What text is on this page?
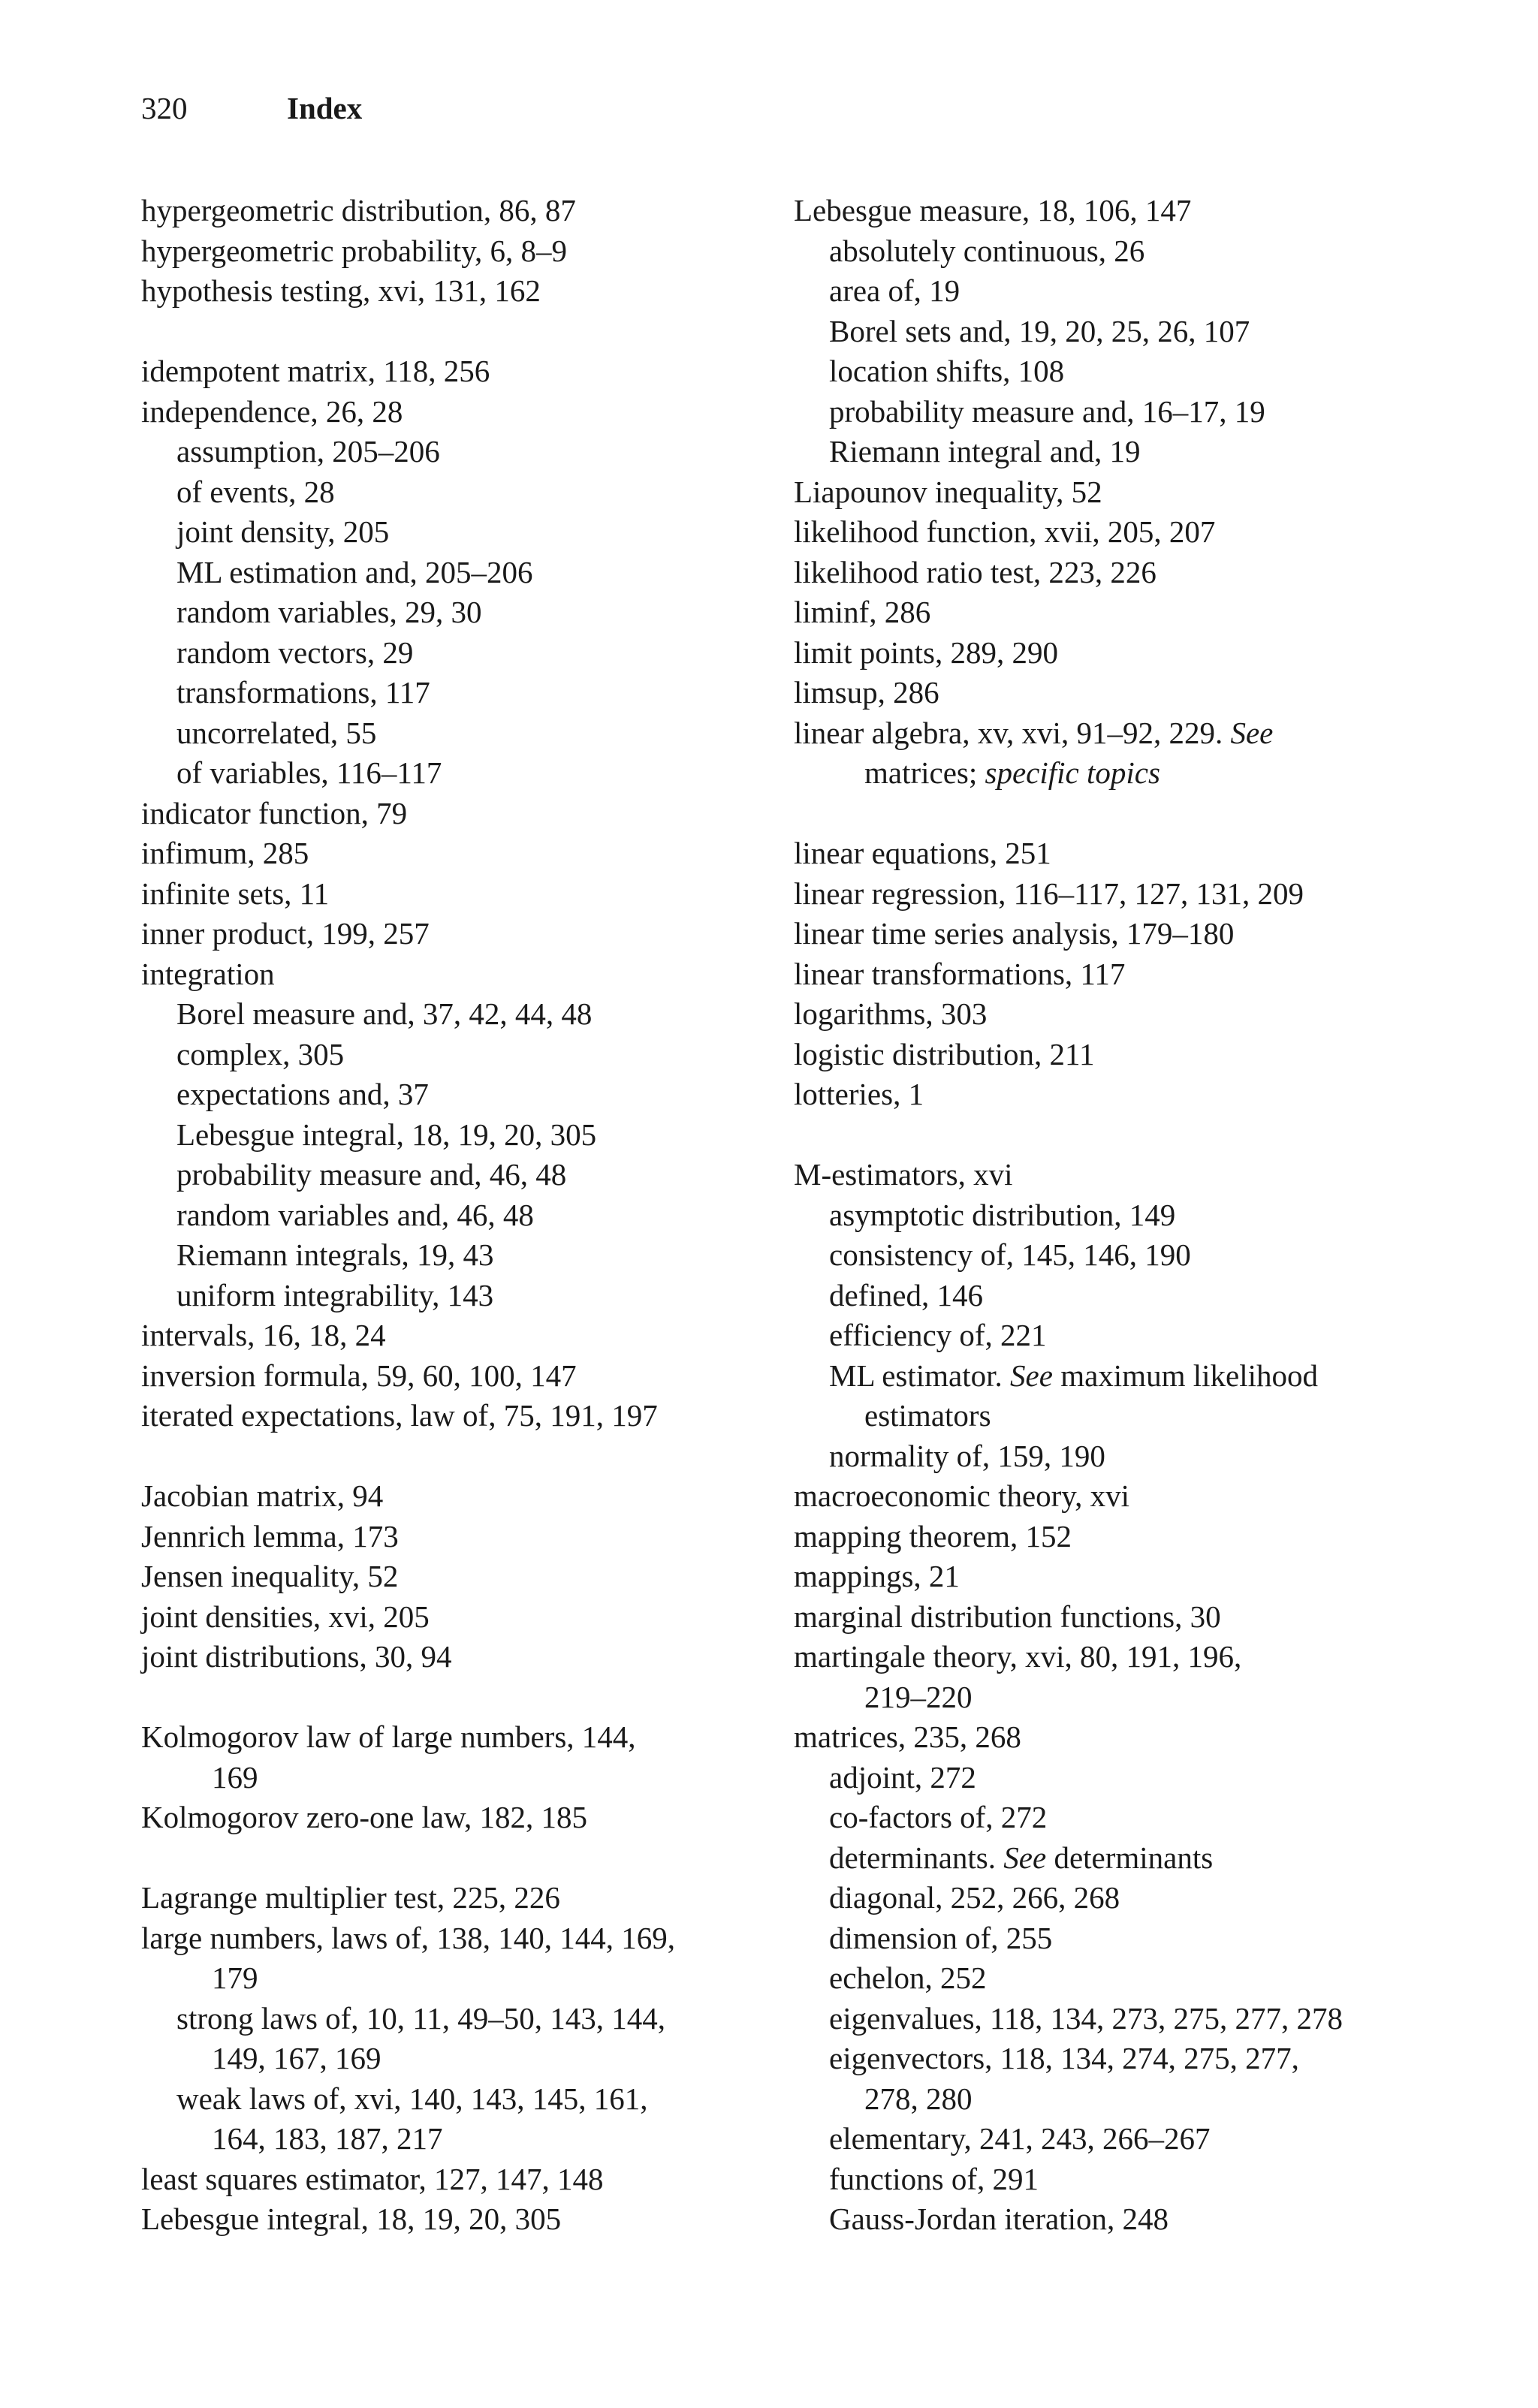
320	Index
hypergeometric distribution, 86, 87
hypergeometric probability, 6, 8–9
hypothesis testing, xvi, 131, 162
idempotent matrix, 118, 256
independence, 26, 28
assumption, 205–206
of events, 28
joint density, 205
ML estimation and, 205–206
random variables, 29, 30
random vectors, 29
transformations, 117
uncorrelated, 55
of variables, 116–117
indicator function, 79
infimum, 285
infinite sets, 11
inner product, 199, 257
integration
Borel measure and, 37, 42, 44, 48
complex, 305
expectations and, 37
Lebesgue integral, 18, 19, 20, 305
probability measure and, 46, 48
random variables and, 46, 48
Riemann integrals, 19, 43
uniform integrability, 143
intervals, 16, 18, 24
inversion formula, 59, 60, 100, 147
iterated expectations, law of, 75, 191, 197
Jacobian matrix, 94
Jennrich lemma, 173
Jensen inequality, 52
joint densities, xvi, 205
joint distributions, 30, 94
Kolmogorov law of large numbers, 144,
169
Kolmogorov zero-one law, 182, 185
Lagrange multiplier test, 225, 226
large numbers, laws of, 138, 140, 144, 169,
179
strong laws of, 10, 11, 49–50, 143, 144,
149, 167, 169
weak laws of, xvi, 140, 143, 145, 161,
164, 183, 187, 217
least squares estimator, 127, 147, 148
Lebesgue integral, 18, 19, 20, 305
Lebesgue measure, 18, 106, 147
absolutely continuous, 26
area of, 19
Borel sets and, 19, 20, 25, 26, 107
location shifts, 108
probability measure and, 16–17, 19
Riemann integral and, 19
Liapounov inequality, 52
likelihood function, xvii, 205, 207
likelihood ratio test, 223, 226
liminf, 286
limit points, 289, 290
limsup, 286
linear algebra, xv, xvi, 91–92, 229. See
matrices; specific topics
linear equations, 251
linear regression, 116–117, 127, 131, 209
linear time series analysis, 179–180
linear transformations, 117
logarithms, 303
logistic distribution, 211
lotteries, 1
M-estimators, xvi
asymptotic distribution, 149
consistency of, 145, 146, 190
defined, 146
efficiency of, 221
ML estimator. See maximum likelihood
estimators
normality of, 159, 190
macroeconomic theory, xvi
mapping theorem, 152
mappings, 21
marginal distribution functions, 30
martingale theory, xvi, 80, 191, 196,
219–220
matrices, 235, 268
adjoint, 272
co-factors of, 272
determinants. See determinants
diagonal, 252, 266, 268
dimension of, 255
echelon, 252
eigenvalues, 118, 134, 273, 275, 277, 278
eigenvectors, 118, 134, 274, 275, 277,
278, 280
elementary, 241, 243, 266–267
functions of, 291
Gauss-Jordan iteration, 248
